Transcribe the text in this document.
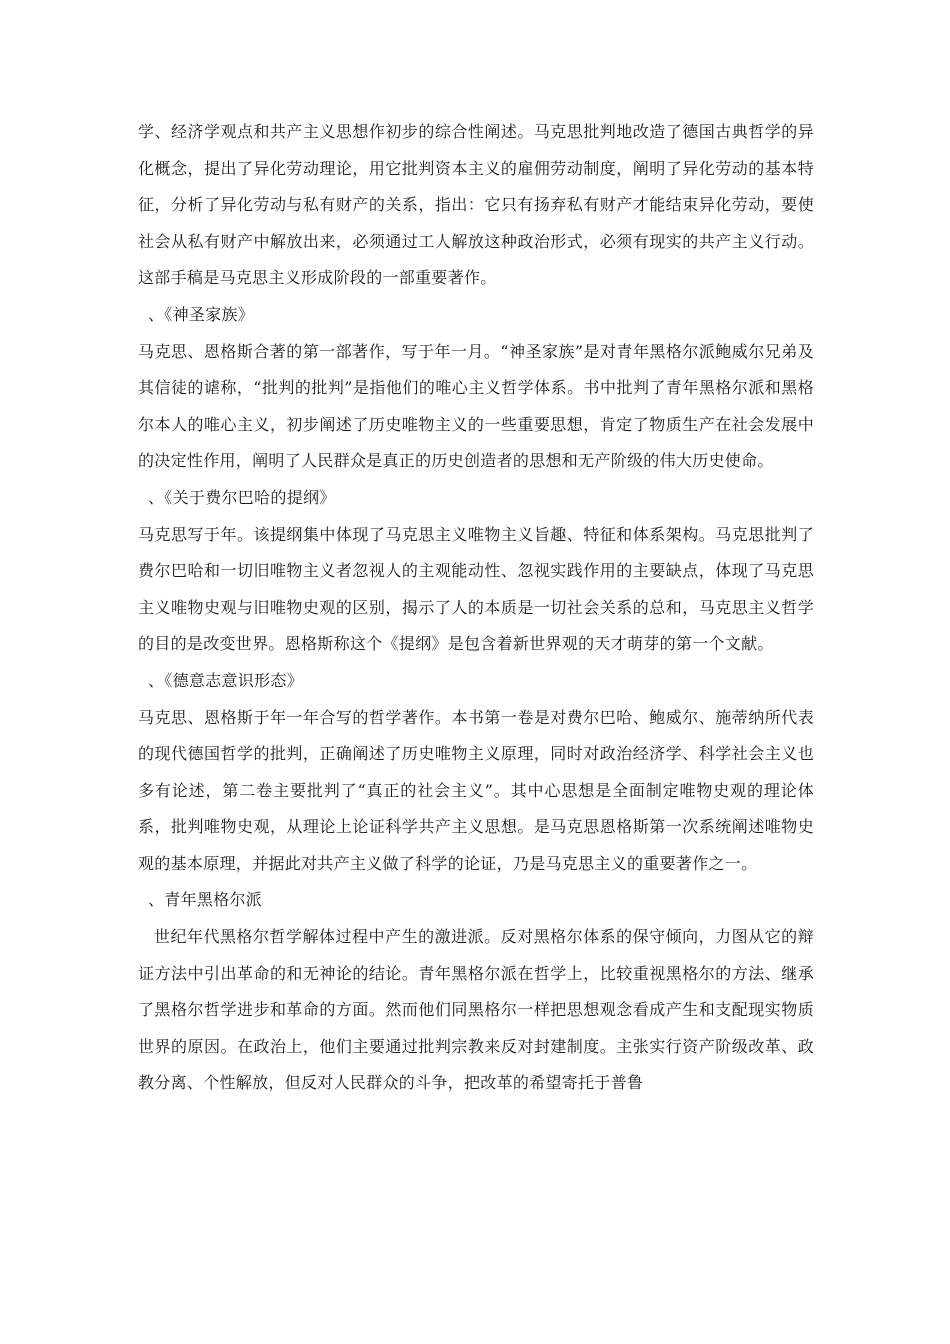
学、经济学观点和共产主义思想作初步的综合性阐述。马克思批判地改造了德国古典哲学的异化概念，提出了异化劳动理论，用它批判资本主义的雇佣劳动制度，阐明了异化劳动的基本特征，分析了异化劳动与私有财产的关系，指出：它只有扬弃私有财产才能结束异化劳动，要使社会从私有财产中解放出来，必须通过工人解放这种政治形式，必须有现实的共产主义行动。这部手稿是马克思主义形成阶段的一部重要著作。

、《神圣家族》

马克思、恩格斯合著的第一部著作，写于年一月。“神圣家族”是对青年黑格尔派鲍威尔兄弟及其信徒的谑称，“批判的批判”是指他们的唯心主义哲学体系。书中批判了青年黑格尔派和黑格尔本人的唯心主义，初步阐述了历史唯物主义的一些重要思想，肯定了物质生产在社会发展中的决定性作用，阐明了人民群众是真正的历史创造者的思想和无产阶级的伟大历史使命。

、《关于费尔巴哈的提纲》

马克思写于年。该提纲集中体现了马克思主义唯物主义旨趣、特征和体系架构。马克思批判了费尔巴哈和一切旧唯物主义者忽视人的主观能动性、忽视实践作用的主要缺点，体现了马克思主义唯物史观与旧唯物史观的区别，揭示了人的本质是一切社会关系的总和，马克思主义哲学的目的是改变世界。恩格斯称这个《提纲》是包含着新世界观的天才萌芽的第一个文献。

、《德意志意识形态》

马克思、恩格斯于年一年合写的哲学著作。本书第一卷是对费尔巴哈、鲍威尔、施蒂纳所代表的现代德国哲学的批判，正确阐述了历史唯物主义原理，同时对政治经济学、科学社会主义也多有论述，第二卷主要批判了“真正的社会主义”。其中心思想是全面制定唯物史观的理论体系，批判唯物史观，从理论上论证科学共产主义思想。是马克思恩格斯第一次系统阐述唯物史观的基本原理，并据此对共产主义做了科学的论证，乃是马克思主义的重要著作之一。

、青年黑格尔派

世纪年代黑格尔哲学解体过程中产生的激进派。反对黑格尔体系的保守倾向，力图从它的辩证方法中引出革命的和无神论的结论。青年黑格尔派在哲学上，比较重视黑格尔的方法、继承了黑格尔哲学进步和革命的方面。然而他们同黑格尔一样把思想观念看成产生和支配现实物质世界的原因。在政治上，他们主要通过批判宗教来反对封建制度。主张实行资产阶级改革、政教分离、个性解放，但反对人民群众的斗争，把改革的希望寄托于普鲁
